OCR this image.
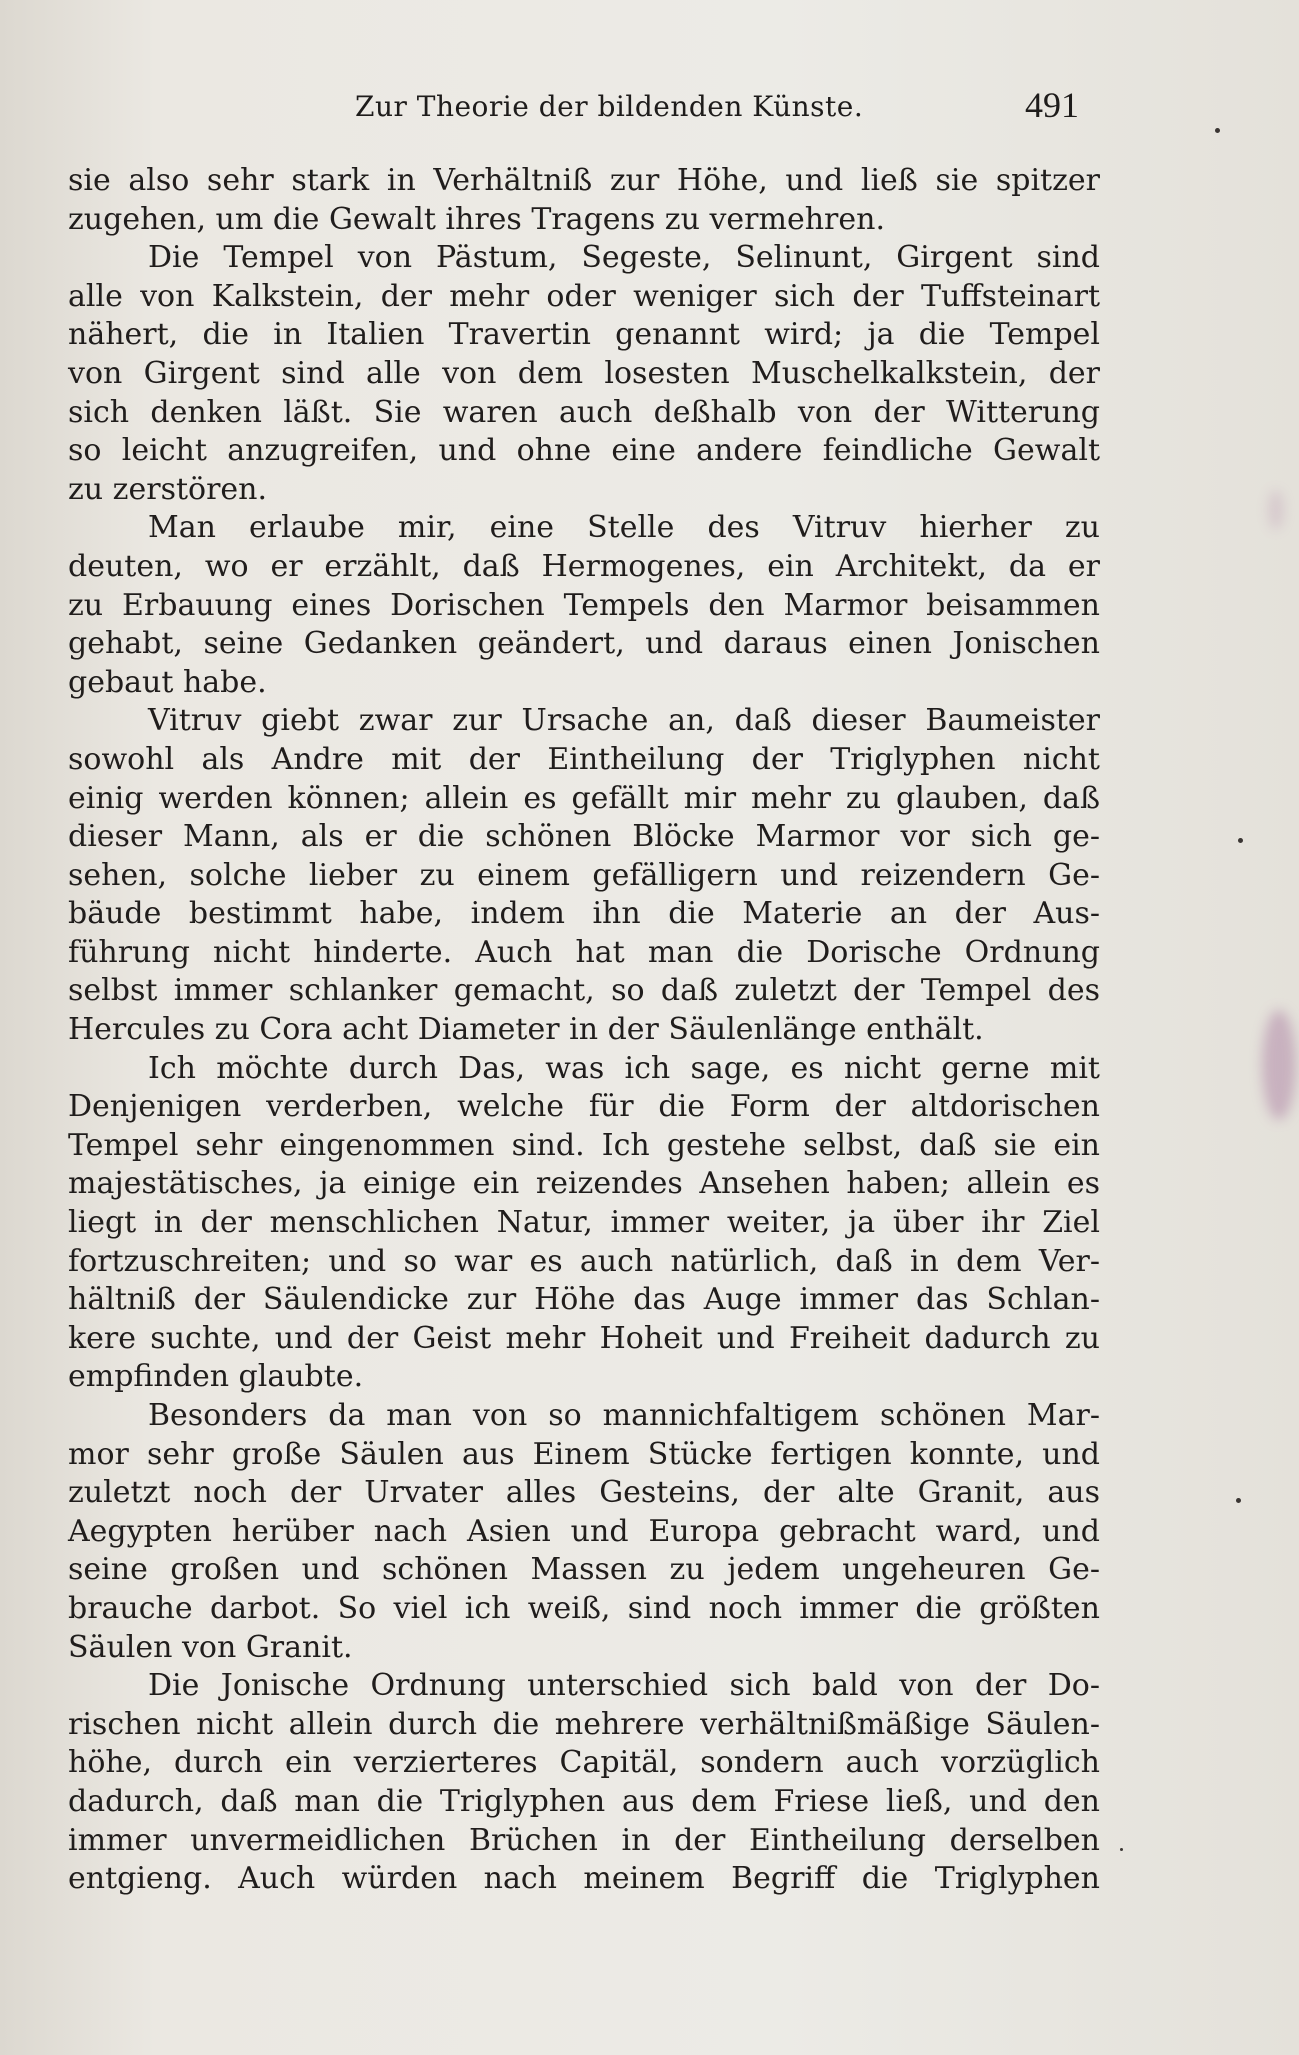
Zur Theorie der bildenden Künste.	491
sie also sehr stark in Verhältniß zur Höhe, und ließ sie spitzer
zugehen, um die Gewalt ihres Tragens zu vermehren.
Die Tempel von Pästum, Segeste, Selinunt, Girgent sind
alle von Kalkstein, der mehr oder weniger sich der Tuffsteinart
nähert, die in Italien Travertin genannt wird; ja die Tempel
von Girgent sind alle von dem losesten Muschelkalkstein, der
sich denken läßt. Sie waren auch deßhalb von der Witterung
so leicht anzugreifen, und ohne eine andere feindliche Gewalt
zu zerstören.
Man erlaube mir, eine Stelle des Vitruv hierher zu
deuten, wo er erzählt, daß Hermogenes, ein Architekt, da er
zu Erbauung eines Dorischen Tempels den Marmor beisammen
gehabt, seine Gedanken geändert, und daraus einen Jonischen
gebaut habe.
Vitruv giebt zwar zur Ursache an, daß dieser Baumeister
sowohl als Andre mit der Eintheilung der Triglyphen nicht
einig werden können; allein es gefällt mir mehr zu glauben, daß
dieser Mann, als er die schönen Blöcke Marmor vor sich ge-
sehen, solche lieber zu einem gefälligern und reizendern Ge-
bäude bestimmt habe, indem ihn die Materie an der Aus-
führung nicht hinderte. Auch hat man die Dorische Ordnung
selbst immer schlanker gemacht, so daß zuletzt der Tempel des
Hercules zu Cora acht Diameter in der Säulenlänge enthält.
Ich möchte durch Das, was ich sage, es nicht gerne mit
Denjenigen verderben, welche für die Form der altdorischen
Tempel sehr eingenommen sind. Ich gestehe selbst, daß sie ein
majestätisches, ja einige ein reizendes Ansehen haben; allein es
liegt in der menschlichen Natur, immer weiter, ja über ihr Ziel
fortzuschreiten; und so war es auch natürlich, daß in dem Ver-
hältniß der Säulendicke zur Höhe das Auge immer das Schlan-
kere suchte, und der Geist mehr Hoheit und Freiheit dadurch zu
empfinden glaubte.
Besonders da man von so mannichfaltigem schönen Mar-
mor sehr große Säulen aus Einem Stücke fertigen konnte, und
zuletzt noch der Urvater alles Gesteins, der alte Granit, aus
Aegypten herüber nach Asien und Europa gebracht ward, und
seine großen und schönen Massen zu jedem ungeheuren Ge-
brauche darbot. So viel ich weiß, sind noch immer die größten
Säulen von Granit.
Die Jonische Ordnung unterschied sich bald von der Do-
rischen nicht allein durch die mehrere verhältnißmäßige Säulen-
höhe, durch ein verzierteres Capitäl, sondern auch vorzüglich
dadurch, daß man die Triglyphen aus dem Friese ließ, und den
immer unvermeidlichen Brüchen in der Eintheilung derselben
entgieng. Auch würden nach meinem Begriff die Triglyphen
